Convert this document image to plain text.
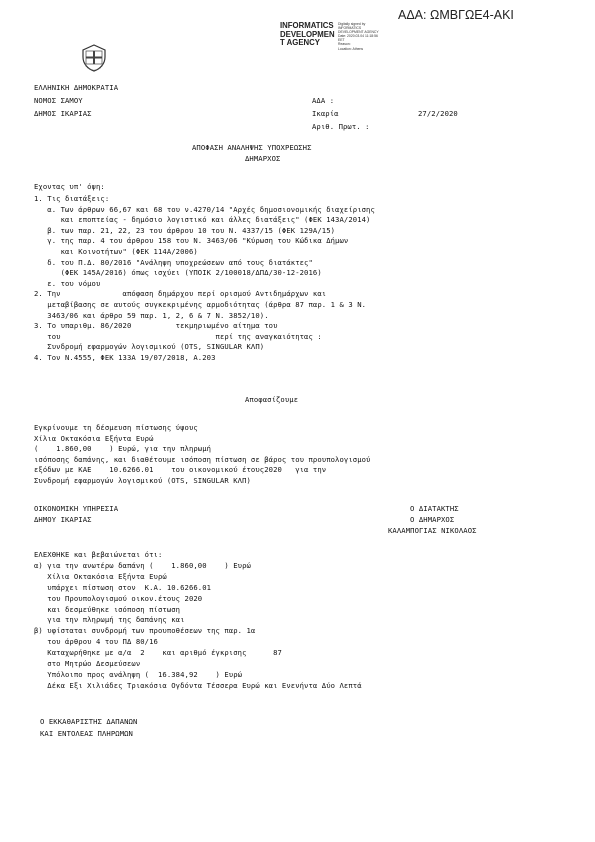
ΑΔΑ: ΩΜΒΓΩΕ4-ΑΚΙ
INFORMATICS
DEVELOPMEN
T AGENCY
Digitally signed by
INFORMATICS
DEVELOPMENT AGENCY
Date: 2020.03.04 11:18:56
EET
Reason:
Location: Athens
ΕΛΛΗΝΙΚΗ ΔΗΜΟΚΡΑΤΙΑ
ΝΟΜΟΣ ΣΑΜΟΥ
ΔΗΜΟΣ ΙΚΑΡΙΑΣ
ΑΔΑ :
Ικαρία	27/2/2020
Αριθ. Πρωτ. :
ΑΠΟΦΑΣΗ ΑΝΑΛΗΨΗΣ ΥΠΟΧΡΕΩΣΗΣ
ΔΗΜΑΡΧΟΣ
Εχοντας υπ' όψη:
1. Τις διατάξεις:
α. Των άρθρων 66,67 και 68 του ν.4270/14 "Αρχές δημοσιονομικής διαχείρισης
και εποπτείας - δημόσιο λογιστικό και άλλες διατάξεις" (ΦΕΚ 143Α/2014)
β. των παρ. 21, 22, 23 του άρθρου 10 του Ν. 4337/15 (ΦΕΚ 129Α/15)
γ. της παρ. 4 του άρθρου 158 του Ν. 3463/06 "Κύρωση του Κώδικα Δήμων
και Κοινοτήτων" (ΦΕΚ 114Α/2006)
δ. του Π.Δ. 80/2016 "Ανάληψη υποχρεώσεων από τους διατάκτες"
(ΦΕΚ 145Α/2016) όπως ισχύει (ΥΠΟΙΚ 2/100018/ΔΠΔ/30-12-2016)
ε. του νόμου
2. Την              απόφαση δημάρχου περί ορισμού Αντιδημάρχων και
μεταβίβασης σε αυτούς συγκεκριμένης αρμοδιότητας (άρθρα 87 παρ. 1 & 3 Ν.
3463/06 και άρθρο 59 παρ. 1, 2, 6 & 7 Ν. 3852/10).
3. Το υπαριθμ. 86/2020          τεκμηριωμένο αίτημα του
του                                   περί της αναγκαιότητας :
Συνδρομή εφαρμογών λογισμικού (OTS, SINGULAR ΚΛΠ)
4. Τον Ν.4555, ΦΕΚ 133Α 19/07/2018, Α.203
Αποφασίζουμε
Εγκρίνουμε τη δέσμευση πίστωσης ύψους
Χίλια Οκτακόσια Εξήντα Ευρώ
(    1.860,00    ) Ευρώ, για την πληρωμή
ισόποσης δαπάνης, και διαθέτουμε ισόποση πίστωση σε βάρος του προυπολογισμού
εξόδων με ΚΑΕ    10.6266.01    του οικονομικού έτους2020   για την
Συνδρομή εφαρμογών λογισμικού (OTS, SINGULAR ΚΛΠ)
ΟΙΚΟΝΟΜΙΚΗ ΥΠΗΡΕΣΙΑ
ΔΗΜΟΥ ΙΚΑΡΙΑΣ
Ο ΔΙΑΤΑΚΤΗΣ
Ο ΔΗΜΑΡΧΟΣ
ΚΑΛΑΜΠΟΓΙΑΣ ΝΙΚΟΛΑΟΣ
ΕΛΕΧΘΗΚΕ και βεβαιώνεται ότι:
α) για την ανωτέρω δαπάνη (    1.860,00    ) Ευρώ
Χίλια Οκτακόσια Εξήντα Ευρώ
υπάρχει πίστωση στον  Κ.Α. 10.6266.01
του Προυπολογισμού οικον.έτους 2020
και δεσμεύθηκε ισόποση πίστωση
για την πληρωμή της δαπάνης και
β) υφίσταται συνδρομή των προυποθέσεων της παρ. 1α
του άρθρου 4 του ΠΔ 80/16
Καταχωρήθηκε με α/α  2    και αριθμό έγκρισης      87
στο Μητρώο Δεσμεύσεων
Υπόλοιπο προς ανάληψη (  16.384,92    ) Ευρώ
Δέκα Εξι Χιλιάδες Τριακόσια Ογδόντα Τέσσερα Ευρώ και Ενενήντα Δύο Λεπτά
Ο ΕΚΚΑΘΑΡΙΣΤΗΣ ΔΑΠΑΝΩΝ
ΚΑΙ ΕΝΤΟΛΕΑΣ ΠΛΗΡΩΜΩΝ
